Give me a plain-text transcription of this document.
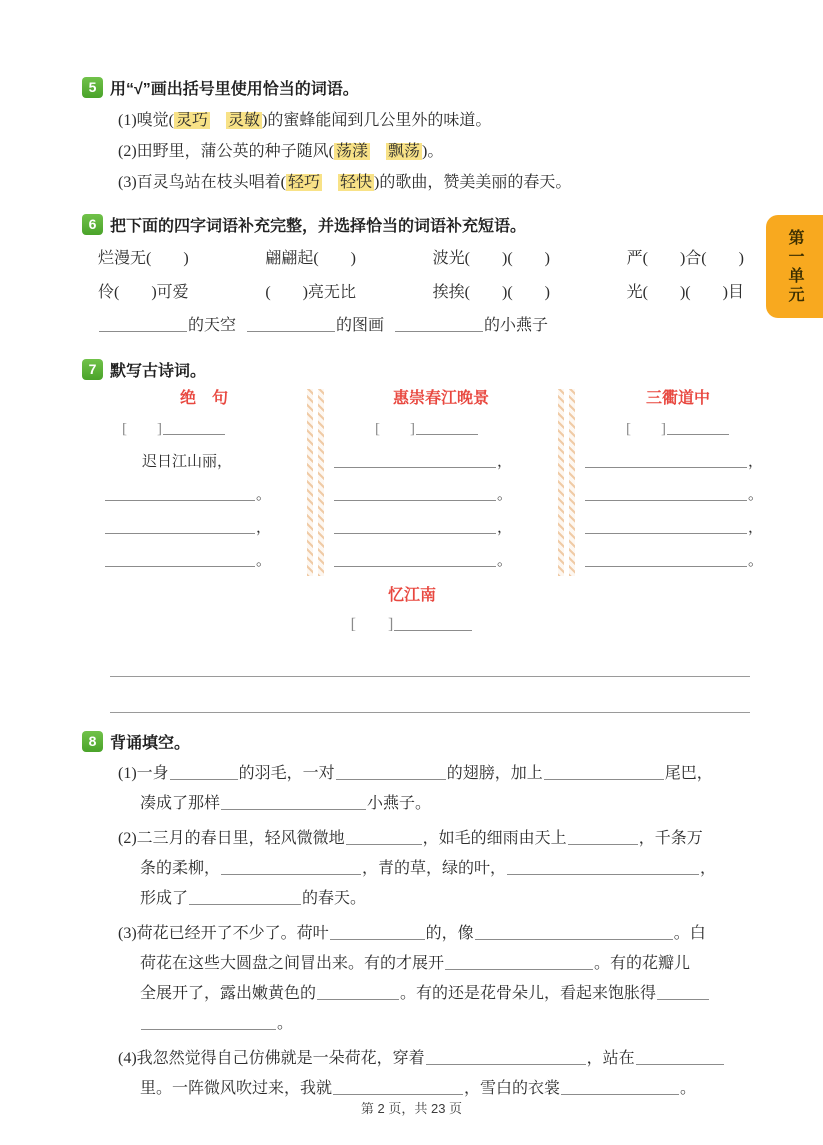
第一单元
5 用“√”画出括号里使用恰当的词语。
(1)嗅觉( 灵巧　 灵敏 )的蜜蜂能闻到几公里外的味道。
(2)田野里，蒲公英的种子随风( 荡漾　 飘荡 )。
(3)百灵鸟站在枝头唱着( 轻巧　 轻快 )的歌曲，赞美美丽的春天。
6 把下面的四字词语补充完整，并选择恰当的词语补充短语。
烂漫无(　　)	翩翩起(　　)	波光(　　)(　　)	严(　　)合(　　)
伶(　　)可爱	(　　)亮无比	挨挨(　　)(　　)	光(　　)(　　)目
的天空	的图画	的小燕子
7 默写古诗词。
绝　句
[　　]
迟日江山丽，
。
，
。
惠崇春江晚景
[　　]
，
。
，
。
三衢道中
[　　]
，
。
，
。
忆江南
[　　]
8 背诵填空。
(1)一身	的羽毛，一对	的翅膀，加上	尾巴，
凑成了那样	小燕子。
(2)二三月的春日里，轻风微微地	，如毛的细雨由天上	，千条万
条的柔柳，	，青的草，绿的叶，	，
形成了	的春天。
(3)荷花已经开了不少了。荷叶	的，像	。白
荷花在这些大圆盘之间冒出来。有的才展开	。有的花瓣儿
全展开了，露出嫩黄色的	。有的还是花骨朵儿，看起来饱胀得
。
(4)我忽然觉得自己仿佛就是一朵荷花，穿着	，站在
里。一阵微风吹过来，我就	，雪白的衣裳	。
第 2 页，共 23 页
